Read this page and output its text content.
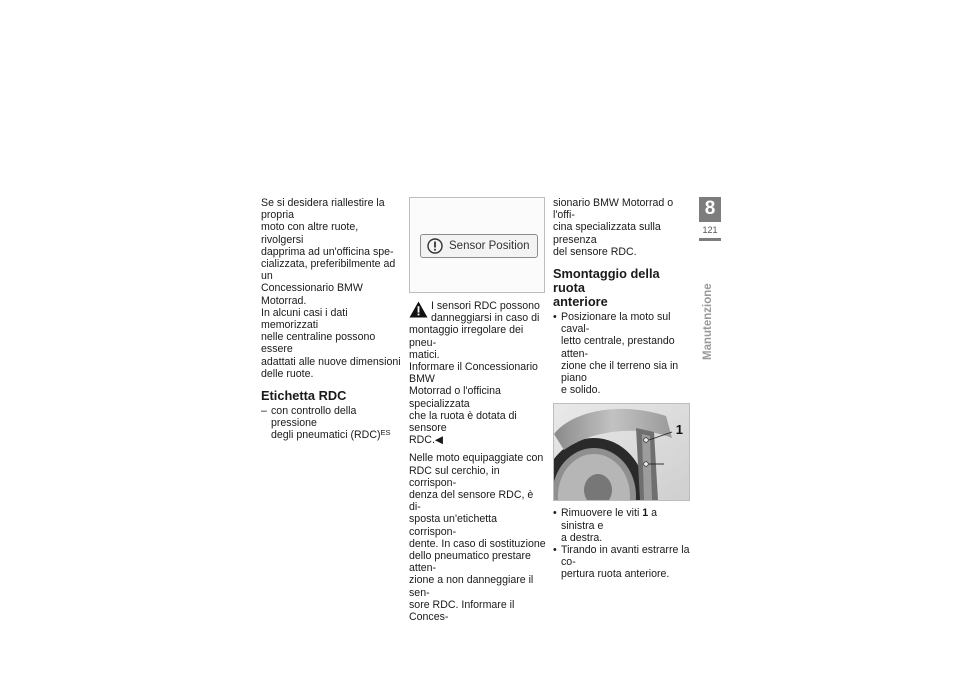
Se si desidera riallestire la propria
moto con altre ruote, rivolgersi
dapprima ad un'officina spe-
cializzata, preferibilmente ad un
Concessionario BMW Motorrad.
In alcuni casi i dati memorizzati
nelle centraline possono essere
adattati alle nuove dimensioni
delle ruote.

Etichetta RDC

– con controllo della pressione
degli pneumatici (RDC)$^{ES}$
Sensor Position

I sensori RDC possono
danneggiarsi in caso di

montaggio irregolare dei pneu-
matici.

Informare il Concessionario BMW
Motorrad o l'officina specializzata
che la ruota è dotata di sensore
RDC.◀

Nelle moto equipaggiate con
RDC sul cerchio, in corrispon-
denza del sensore RDC, è di-
sposta un'etichetta corrispon-
dente. In caso di sostituzione
dello pneumatico prestare atten-
zione a non danneggiare il sen-
sore RDC. Informare il Conces-

sionario BMW Motorrad o l'offi-
cina specializzata sulla presenza
del sensore RDC.

Smontaggio della ruota
anteriore

• Posizionare la moto sul caval-
letto centrale, prestando atten-
zione che il terreno sia in piano
e solido.
1
• Rimuovere le viti 1 a sinistra e
a destra.
• Tirando in avanti estrarre la co-
pertura ruota anteriore.
8
121
Manutenzione
